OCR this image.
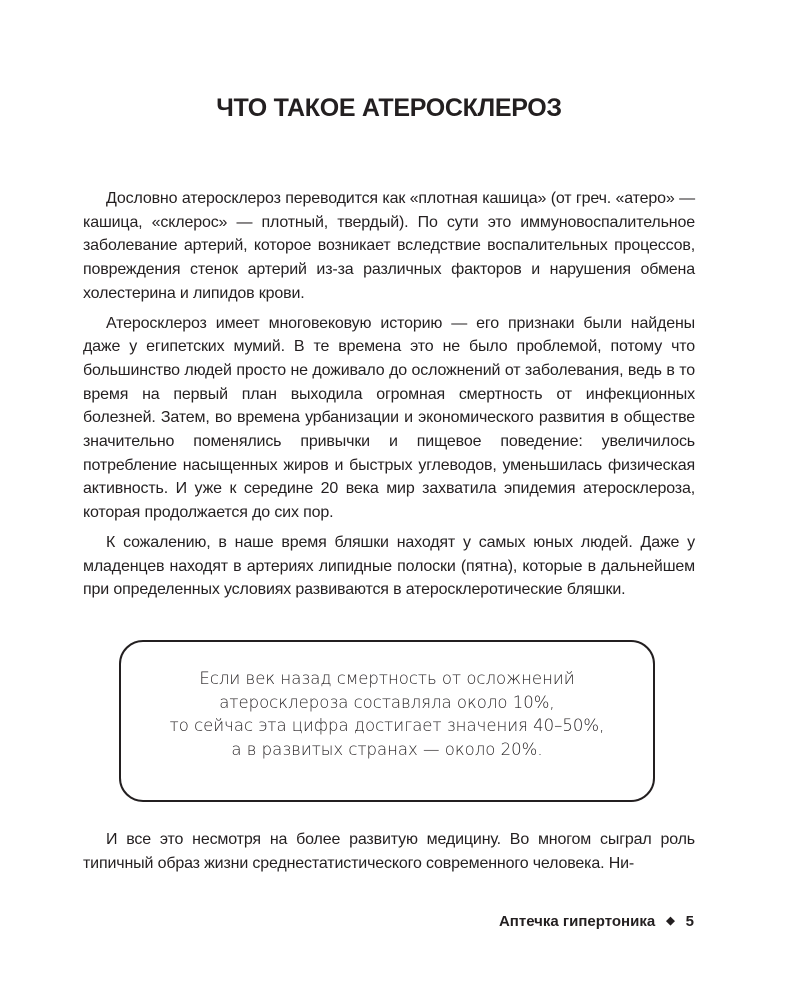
ЧТО ТАКОЕ АТЕРОСКЛЕРОЗ

Дословно атеросклероз переводится как «плотная кашица» (от греч. «атеро» — кашица, «склерос» — плотный, твердый). По сути это иммуновоспалительное заболевание артерий, которое возникает вследствие воспалительных процессов, повреждения стенок артерий из-за различных факторов и нарушения обмена холестерина и липидов крови.

Атеросклероз имеет многовековую историю — его признаки были найдены даже у египетских мумий. В те времена это не было проблемой, потому что большинство людей просто не доживало до осложнений от заболевания, ведь в то время на первый план выходила огромная смертность от инфекционных болезней. Затем, во времена урбанизации и экономического развития в обществе значительно поменялись привычки и пищевое поведение: увеличилось потребление насыщенных жиров и быстрых углеводов, уменьшилась физическая активность. И уже к середине 20 века мир захватила эпидемия атеросклероза, которая продолжается до сих пор.

К сожалению, в наше время бляшки находят у самых юных людей. Даже у младенцев находят в артериях липидные полоски (пятна), которые в дальнейшем при определенных условиях развиваются в атеросклеротические бляшки.

Если век назад смертность от осложнений
атеросклероза составляла около 10%,
то сейчас эта цифра достигает значения 40–50%,
а в развитых странах — около 20%.

И все это несмотря на более развитую медицину. Во многом сыграл роль типичный образ жизни среднестатистического современного человека. Ни-

Аптечка гипертоника ◆ 5
